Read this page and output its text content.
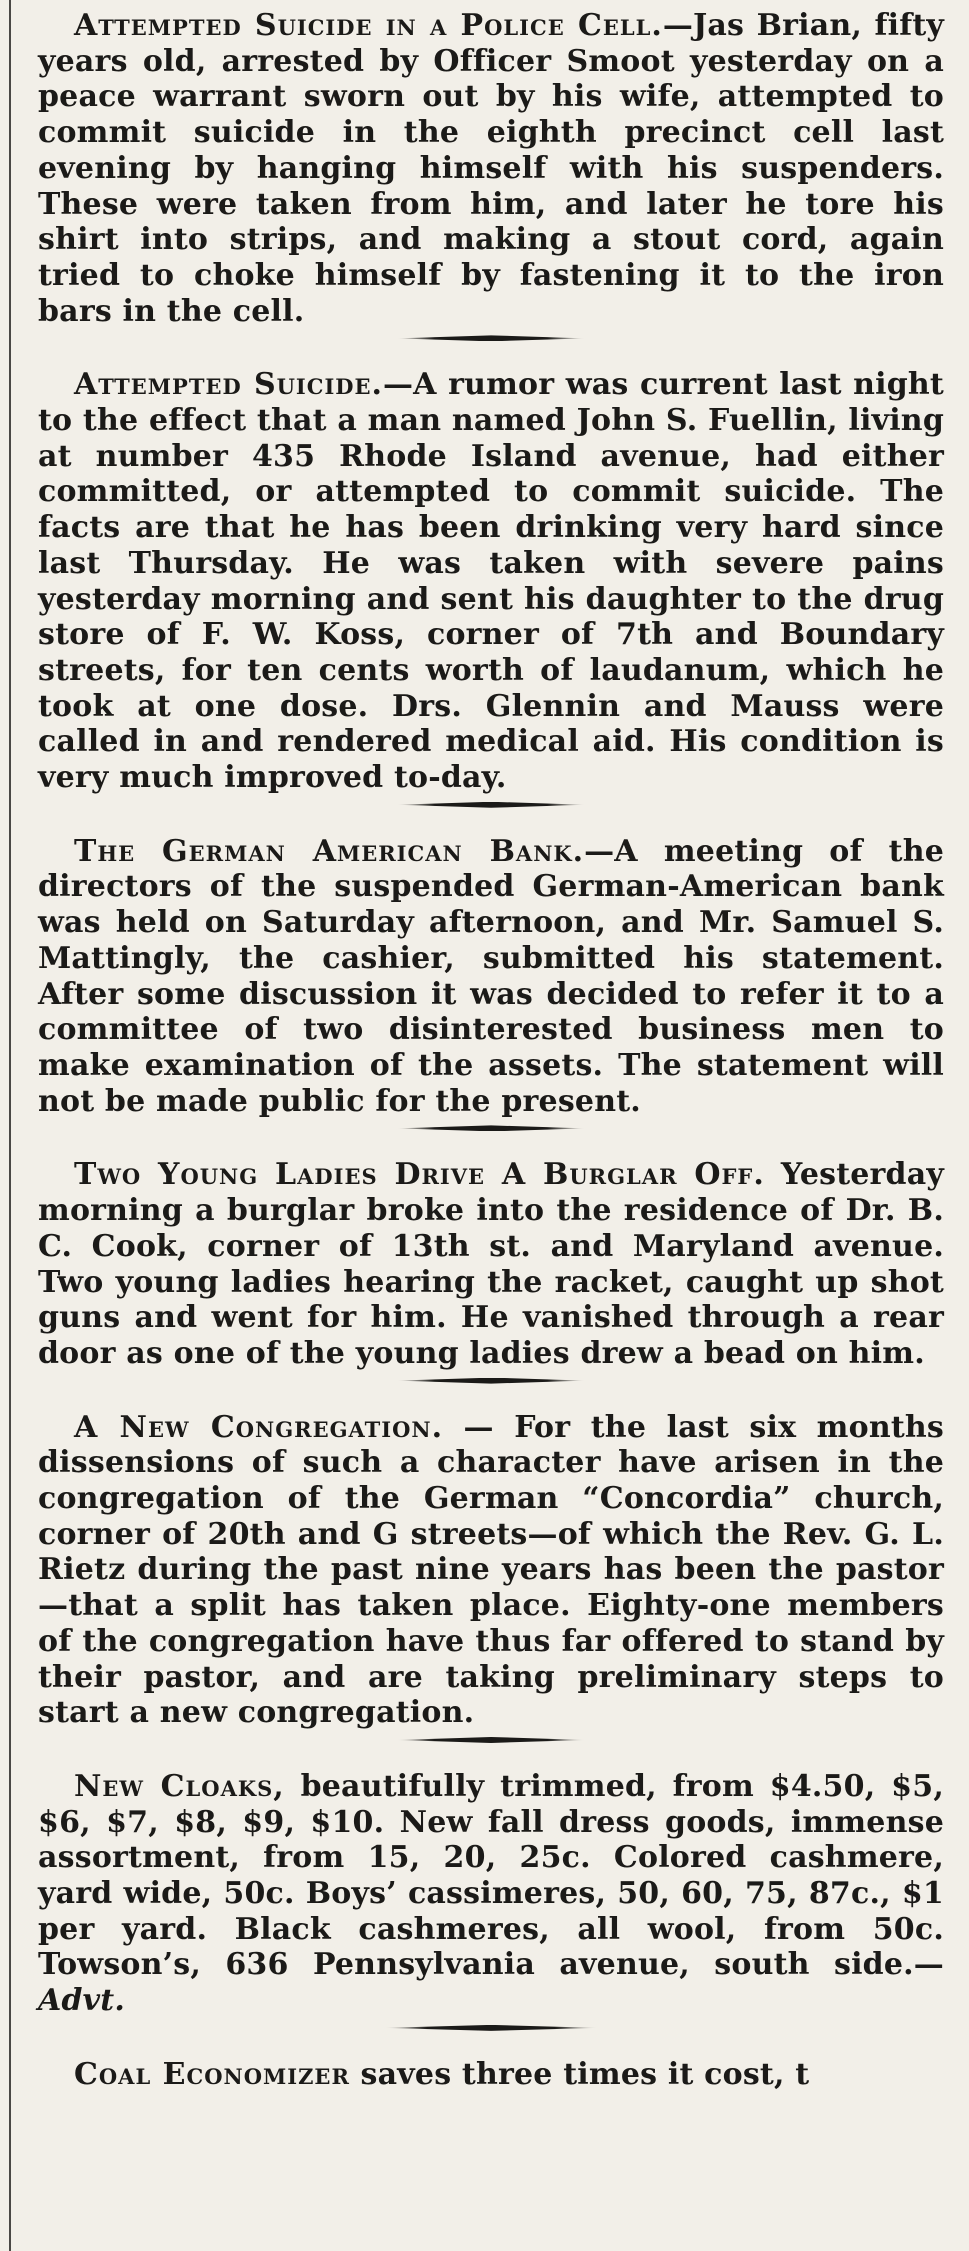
Attempted Suicide in a Police Cell.—Jas Brian, fifty years old, arrested by Officer Smoot yesterday on a peace warrant sworn out by his wife, attempted to commit suicide in the eighth precinct cell last evening by hanging himself with his suspenders. These were taken from him, and later he tore his shirt into strips, and making a stout cord, again tried to choke himself by fastening it to the iron bars in the cell.
Attempted Suicide.—A rumor was current last night to the effect that a man named John S. Fuellin, living at number 435 Rhode Island avenue, had either committed, or attempted to commit suicide. The facts are that he has been drinking very hard since last Thursday. He was taken with severe pains yesterday morning and sent his daughter to the drug store of F. W. Koss, corner of 7th and Boundary streets, for ten cents worth of laudanum, which he took at one dose. Drs. Glennin and Mauss were called in and rendered medical aid. His condition is very much improved to-day.
The German American Bank.—A meeting of the directors of the suspended German-American bank was held on Saturday afternoon, and Mr. Samuel S. Mattingly, the cashier, submitted his statement. After some discussion it was decided to refer it to a committee of two disinterested business men to make examination of the assets. The statement will not be made public for the present.
Two Young Ladies Drive A Burglar Off. Yesterday morning a burglar broke into the residence of Dr. B. C. Cook, corner of 13th st. and Maryland avenue. Two young ladies hearing the racket, caught up shot guns and went for him. He vanished through a rear door as one of the young ladies drew a bead on him.
A New Congregation. — For the last six months dissensions of such a character have arisen in the congregation of the German “Concordia” church, corner of 20th and G streets—of which the Rev. G. L. Rietz during the past nine years has been the pastor—that a split has taken place. Eighty-one members of the congregation have thus far offered to stand by their pastor, and are taking preliminary steps to start a new congregation.
New Cloaks, beautifully trimmed, from $4.50, $5, $6, $7, $8, $9, $10. New fall dress goods, immense assortment, from 15, 20, 25c. Colored cashmere, yard wide, 50c. Boys’ cassimeres, 50, 60, 75, 87c., $1 per yard. Black cashmeres, all wool, from 50c. Towson’s, 636 Pennsylvania avenue, south side.—Advt.
Coal Economizer saves three times it cost, t
